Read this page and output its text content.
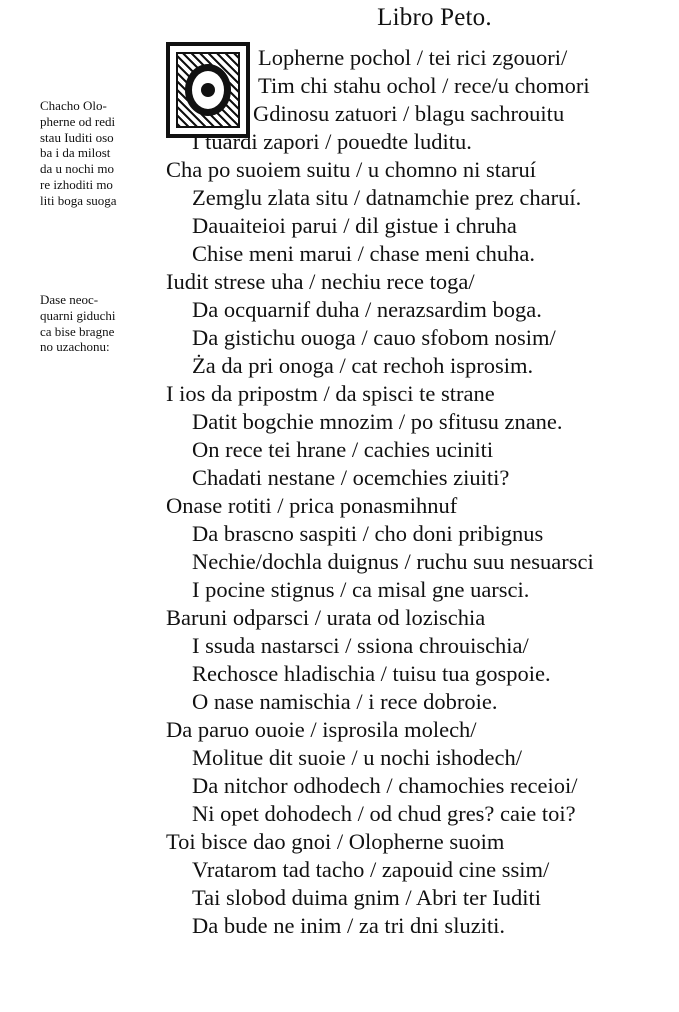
Libro Peto.
Chacho Olo-
pherne od redi
stau Iuditi oso
ba i da milost
da u nochi mo
re izhoditi mo
liti boga suoga
Dase neoc-
quarni giduchi
ca bise bragne
no uzachonu:
Lopherne pochol / tei rici zgouori/
Tim chi stahu ochol / rece/u chomori
Gdinosu zatuori / blagu sachrouitu
I tuardi zapori / pouedte luditu.
Cha po suoiem suitu / u chomno ni staruí
Zemglu zlata situ / datnamchie prez charuí.
Dauaiteioi parui / dil gistue i chruha
Chise meni marui / chase meni chuha.
Iudit strese uha / nechiu rece toga/
Da ocquarnif duha / nerazsardim boga.
Da gistichu ouoga / cauo sfobom nosim/
Ża da pri onoga / cat rechoh isprosim.
I ios da pripostm / da spisci te strane
Datit bogchie mnozim / po sfitusu znane.
On rece tei hrane / cachies uciniti
Chadati nestane / ocemchies ziuiti?
Onase rotiti / prica ponasmihnuf
Da brascno saspiti / cho doni pribignus
Nechie/dochla duignus / ruchu suu nesuarsci
I pocine stignus / ca misal gne uarsci.
Baruni odparsci / urata od lozischia
I ssuda nastarsci / ssiona chrouischia/
Rechosce hladischia / tuisu tua gospoie.
O nase namischia / i rece dobroie.
Da paruo ouoie / isprosila molech/
Molitue dit suoie / u nochi ishodech/
Da nitchor odhodech / chamochies receioi/
Ni opet dohodech / od chud gres? caie toi?
Toi bisce dao gnoi / Olopherne suoim
Vratarom tad tacho / zapouid cine ssim/
Tai slobod duima gnim / Abri ter Iuditi
Da bude ne inim / za tri dni sluziti.
